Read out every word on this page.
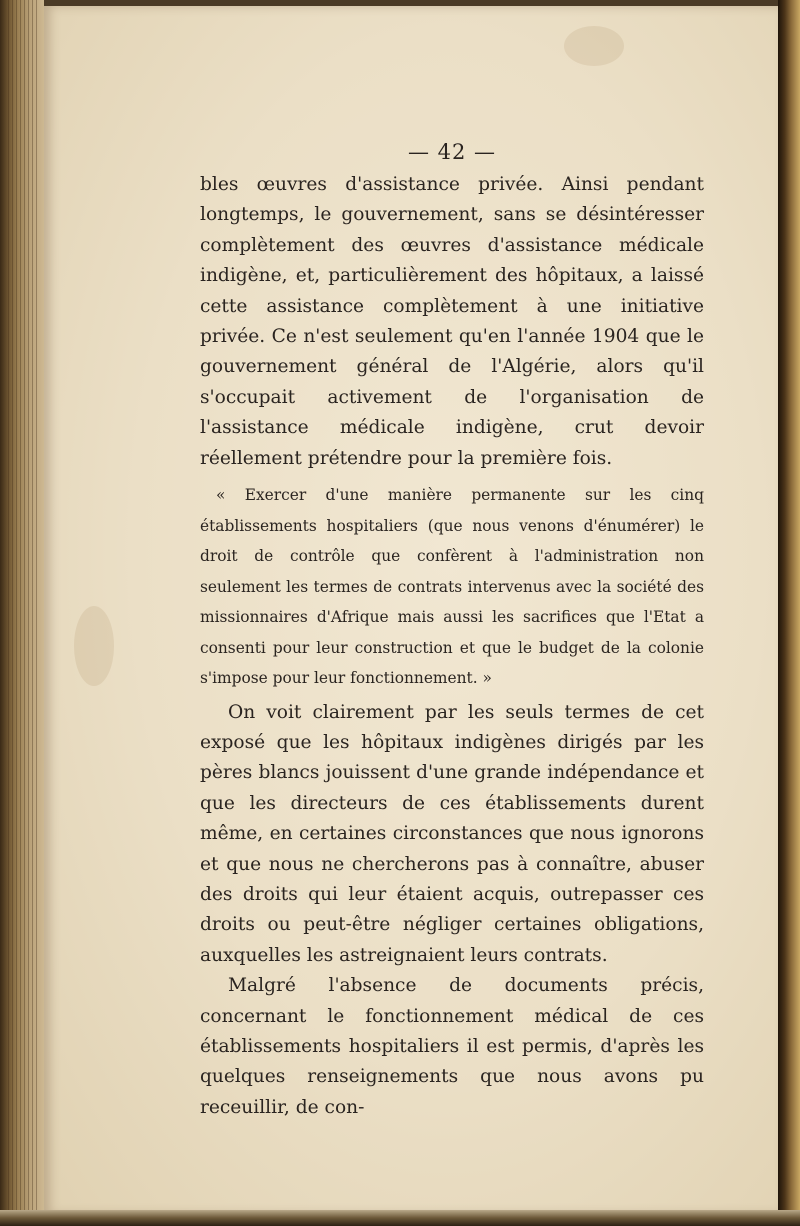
— 42 —

bles œuvres d'assistance privée. Ainsi pendant longtemps, le gouvernement, sans se désintéresser complètement des œuvres d'assistance médicale indigène, et, particulièrement des hôpitaux, a laissé cette assistance complètement à une initiative privée. Ce n'est seulement qu'en l'année 1904 que le gouvernement général de l'Algérie, alors qu'il s'occupait activement de l'organisation de l'assistance médicale indigène, crut devoir réellement prétendre pour la première fois.

« Exercer d'une manière permanente sur les cinq établissements hospitaliers (que nous venons d'énumérer) le droit de contrôle que confèrent à l'administration non seulement les termes de contrats intervenus avec la société des missionnaires d'Afrique mais aussi les sacrifices que l'Etat a consenti pour leur construction et que le budget de la colonie s'impose pour leur fonctionnement. »

On voit clairement par les seuls termes de cet exposé que les hôpitaux indigènes dirigés par les pères blancs jouissent d'une grande indépendance et que les directeurs de ces établissements durent même, en certaines circonstances que nous ignorons et que nous ne chercherons pas à connaître, abuser des droits qui leur étaient acquis, outrepasser ces droits ou peut-être négliger certaines obligations, auxquelles les astreignaient leurs contrats.

Malgré l'absence de documents précis, concernant le fonctionnement médical de ces établissements hospitaliers il est permis, d'après les quelques renseignements que nous avons pu receuillir, de con-
